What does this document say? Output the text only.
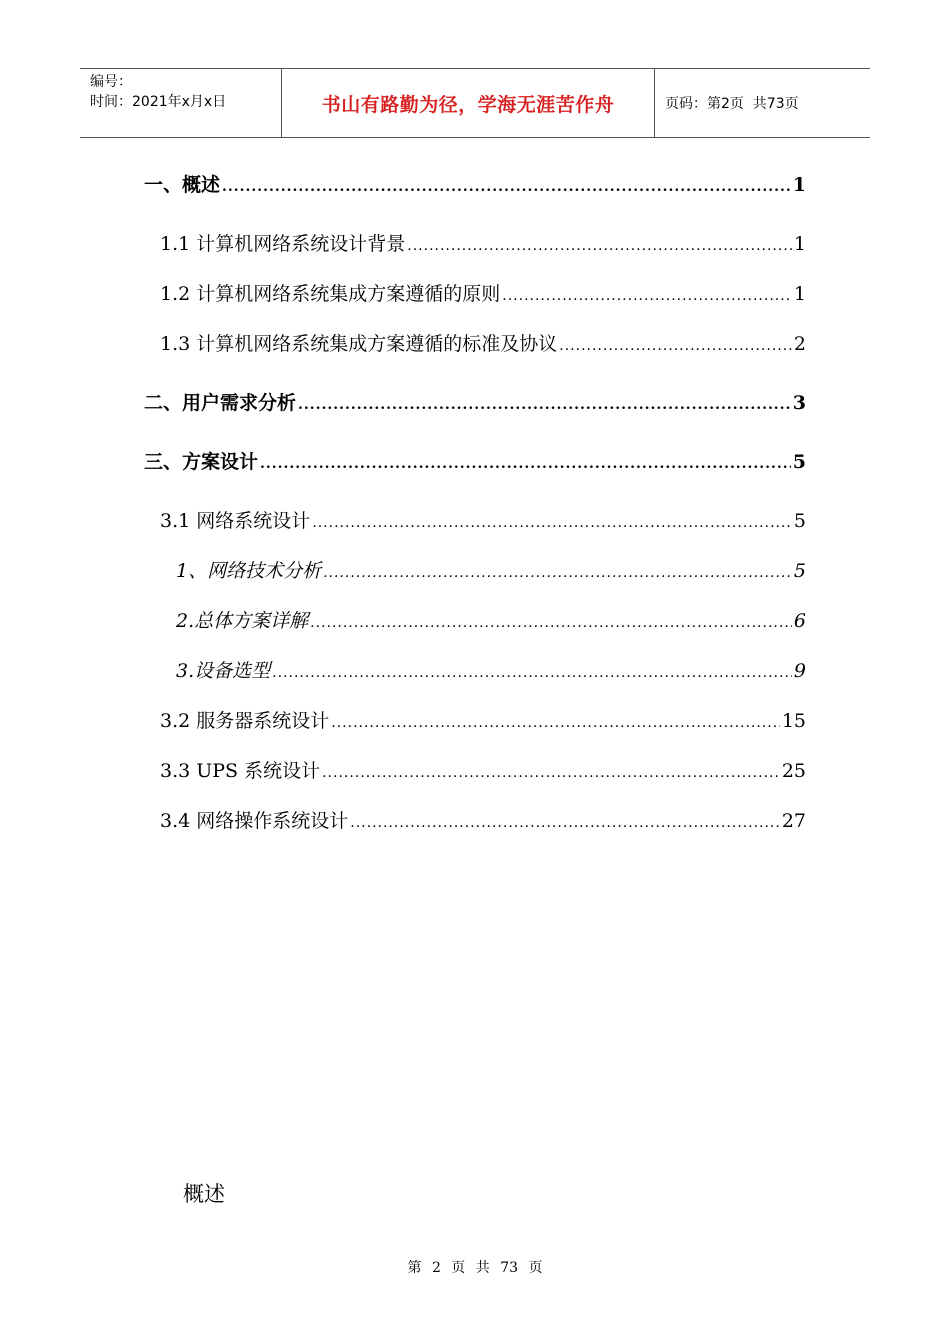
编号：
时间：2021年x月x日	书山有路勤为径，学海无涯苦作舟	页码：第2页  共73页
一、概述 .....	1
1.1 计算机网络系统设计背景 .....	1
1.2 计算机网络系统集成方案遵循的原则 .....	1
1.3 计算机网络系统集成方案遵循的标准及协议 .....	2
二、用户需求分析 .....	3
三、方案设计 .....	5
3.1 网络系统设计 .....	5
1、网络技术分析 .....	5
2.总体方案详解 .....	6
3.设备选型 .....	9
3.2 服务器系统设计 .....	15
3.3 UPS 系统设计 .....	25
3.4 网络操作系统设计 .....	27
概述
第 2 页 共 73 页
